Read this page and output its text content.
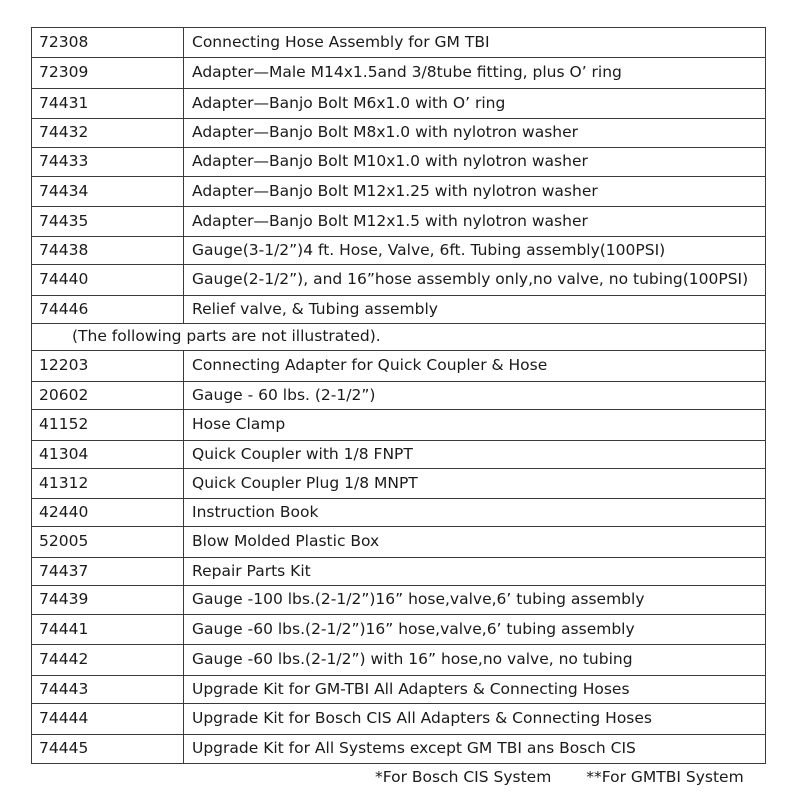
72308	Connecting Hose Assembly for GM TBI
72309	Adapter—Male M14x1.5and 3/8tube fitting, plus O’ ring
74431	Adapter—Banjo Bolt M6x1.0 with O’ ring
74432	Adapter—Banjo Bolt M8x1.0 with nylotron washer
74433	Adapter—Banjo Bolt M10x1.0 with nylotron washer
74434	Adapter—Banjo Bolt M12x1.25 with nylotron washer
74435	Adapter—Banjo Bolt M12x1.5 with nylotron washer
74438	Gauge(3-1/2”)4 ft. Hose, Valve, 6ft. Tubing assembly(100PSI)
74440	Gauge(2-1/2”), and 16”hose assembly only,no valve, no tubing(100PSI)
74446	Relief valve, & Tubing assembly
(The following parts are not illustrated).	
12203	Connecting Adapter for Quick Coupler & Hose
20602	Gauge - 60 lbs. (2-1/2”)
41152	Hose Clamp
41304	Quick Coupler with 1/8 FNPT
41312	Quick Coupler Plug 1/8 MNPT
42440	Instruction Book
52005	Blow Molded Plastic Box
74437	Repair Parts Kit
74439	Gauge -100 lbs.(2-1/2”)16” hose,valve,6’ tubing assembly
74441	Gauge -60 lbs.(2-1/2”)16” hose,valve,6’ tubing assembly
74442	Gauge -60 lbs.(2-1/2”) with 16” hose,no valve, no tubing
74443	Upgrade Kit for GM-TBI All Adapters & Connecting Hoses
74444	Upgrade Kit for Bosch CIS All Adapters & Connecting Hoses
74445	Upgrade Kit for All Systems except GM TBI ans Bosch CIS
*For Bosch CIS System **For GMTBI System
